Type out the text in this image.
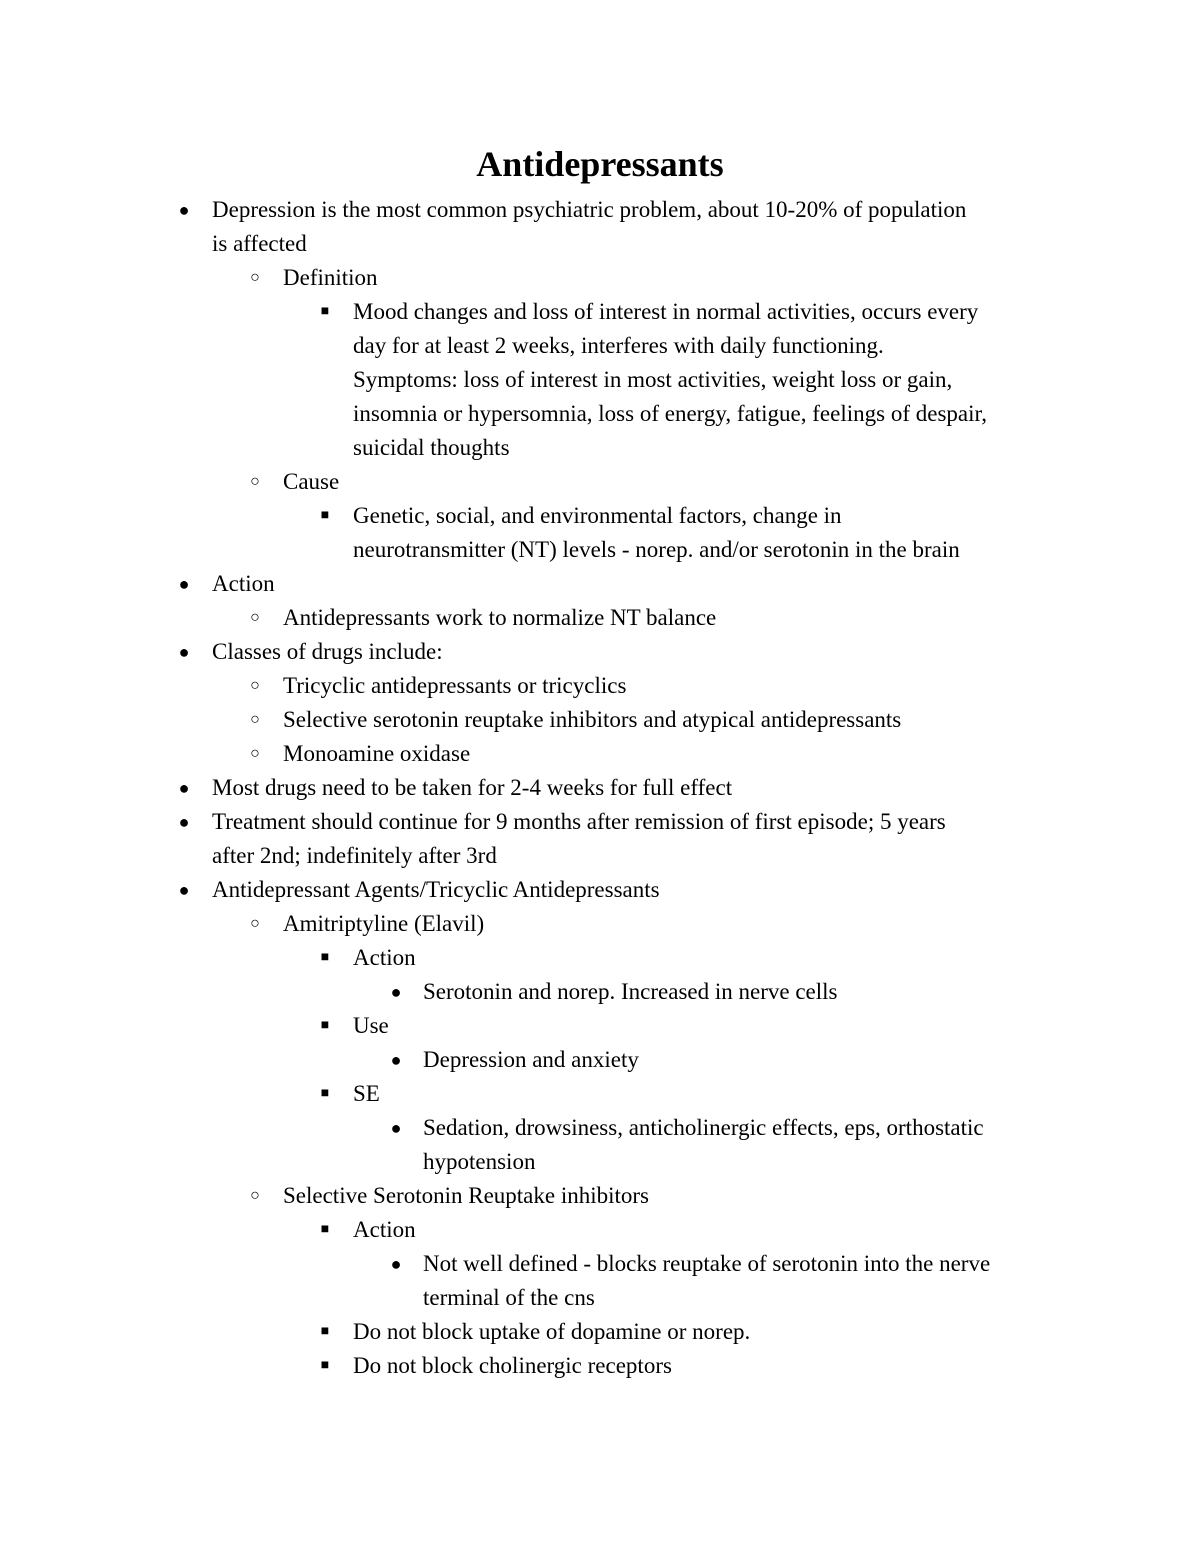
Antidepressants
● Depression is the most common psychiatric problem, about 10-20% of population
is affected
○ Definition
■ Mood changes and loss of interest in normal activities, occurs every
day for at least 2 weeks, interferes with daily functioning.
Symptoms: loss of interest in most activities, weight loss or gain,
insomnia or hypersomnia, loss of energy, fatigue, feelings of despair,
suicidal thoughts
○ Cause
■ Genetic, social, and environmental factors, change in
neurotransmitter (NT) levels - norep. and/or serotonin in the brain
● Action
○ Antidepressants work to normalize NT balance
● Classes of drugs include:
○ Tricyclic antidepressants or tricyclics
○ Selective serotonin reuptake inhibitors and atypical antidepressants
○ Monoamine oxidase
● Most drugs need to be taken for 2-4 weeks for full effect
● Treatment should continue for 9 months after remission of first episode; 5 years
after 2nd; indefinitely after 3rd
● Antidepressant Agents/Tricyclic Antidepressants
○ Amitriptyline (Elavil)
■ Action
● Serotonin and norep. Increased in nerve cells
■ Use
● Depression and anxiety
■ SE
● Sedation, drowsiness, anticholinergic effects, eps, orthostatic
hypotension
○ Selective Serotonin Reuptake inhibitors
■ Action
● Not well defined - blocks reuptake of serotonin into the nerve
terminal of the cns
■ Do not block uptake of dopamine or norep.
■ Do not block cholinergic receptors
